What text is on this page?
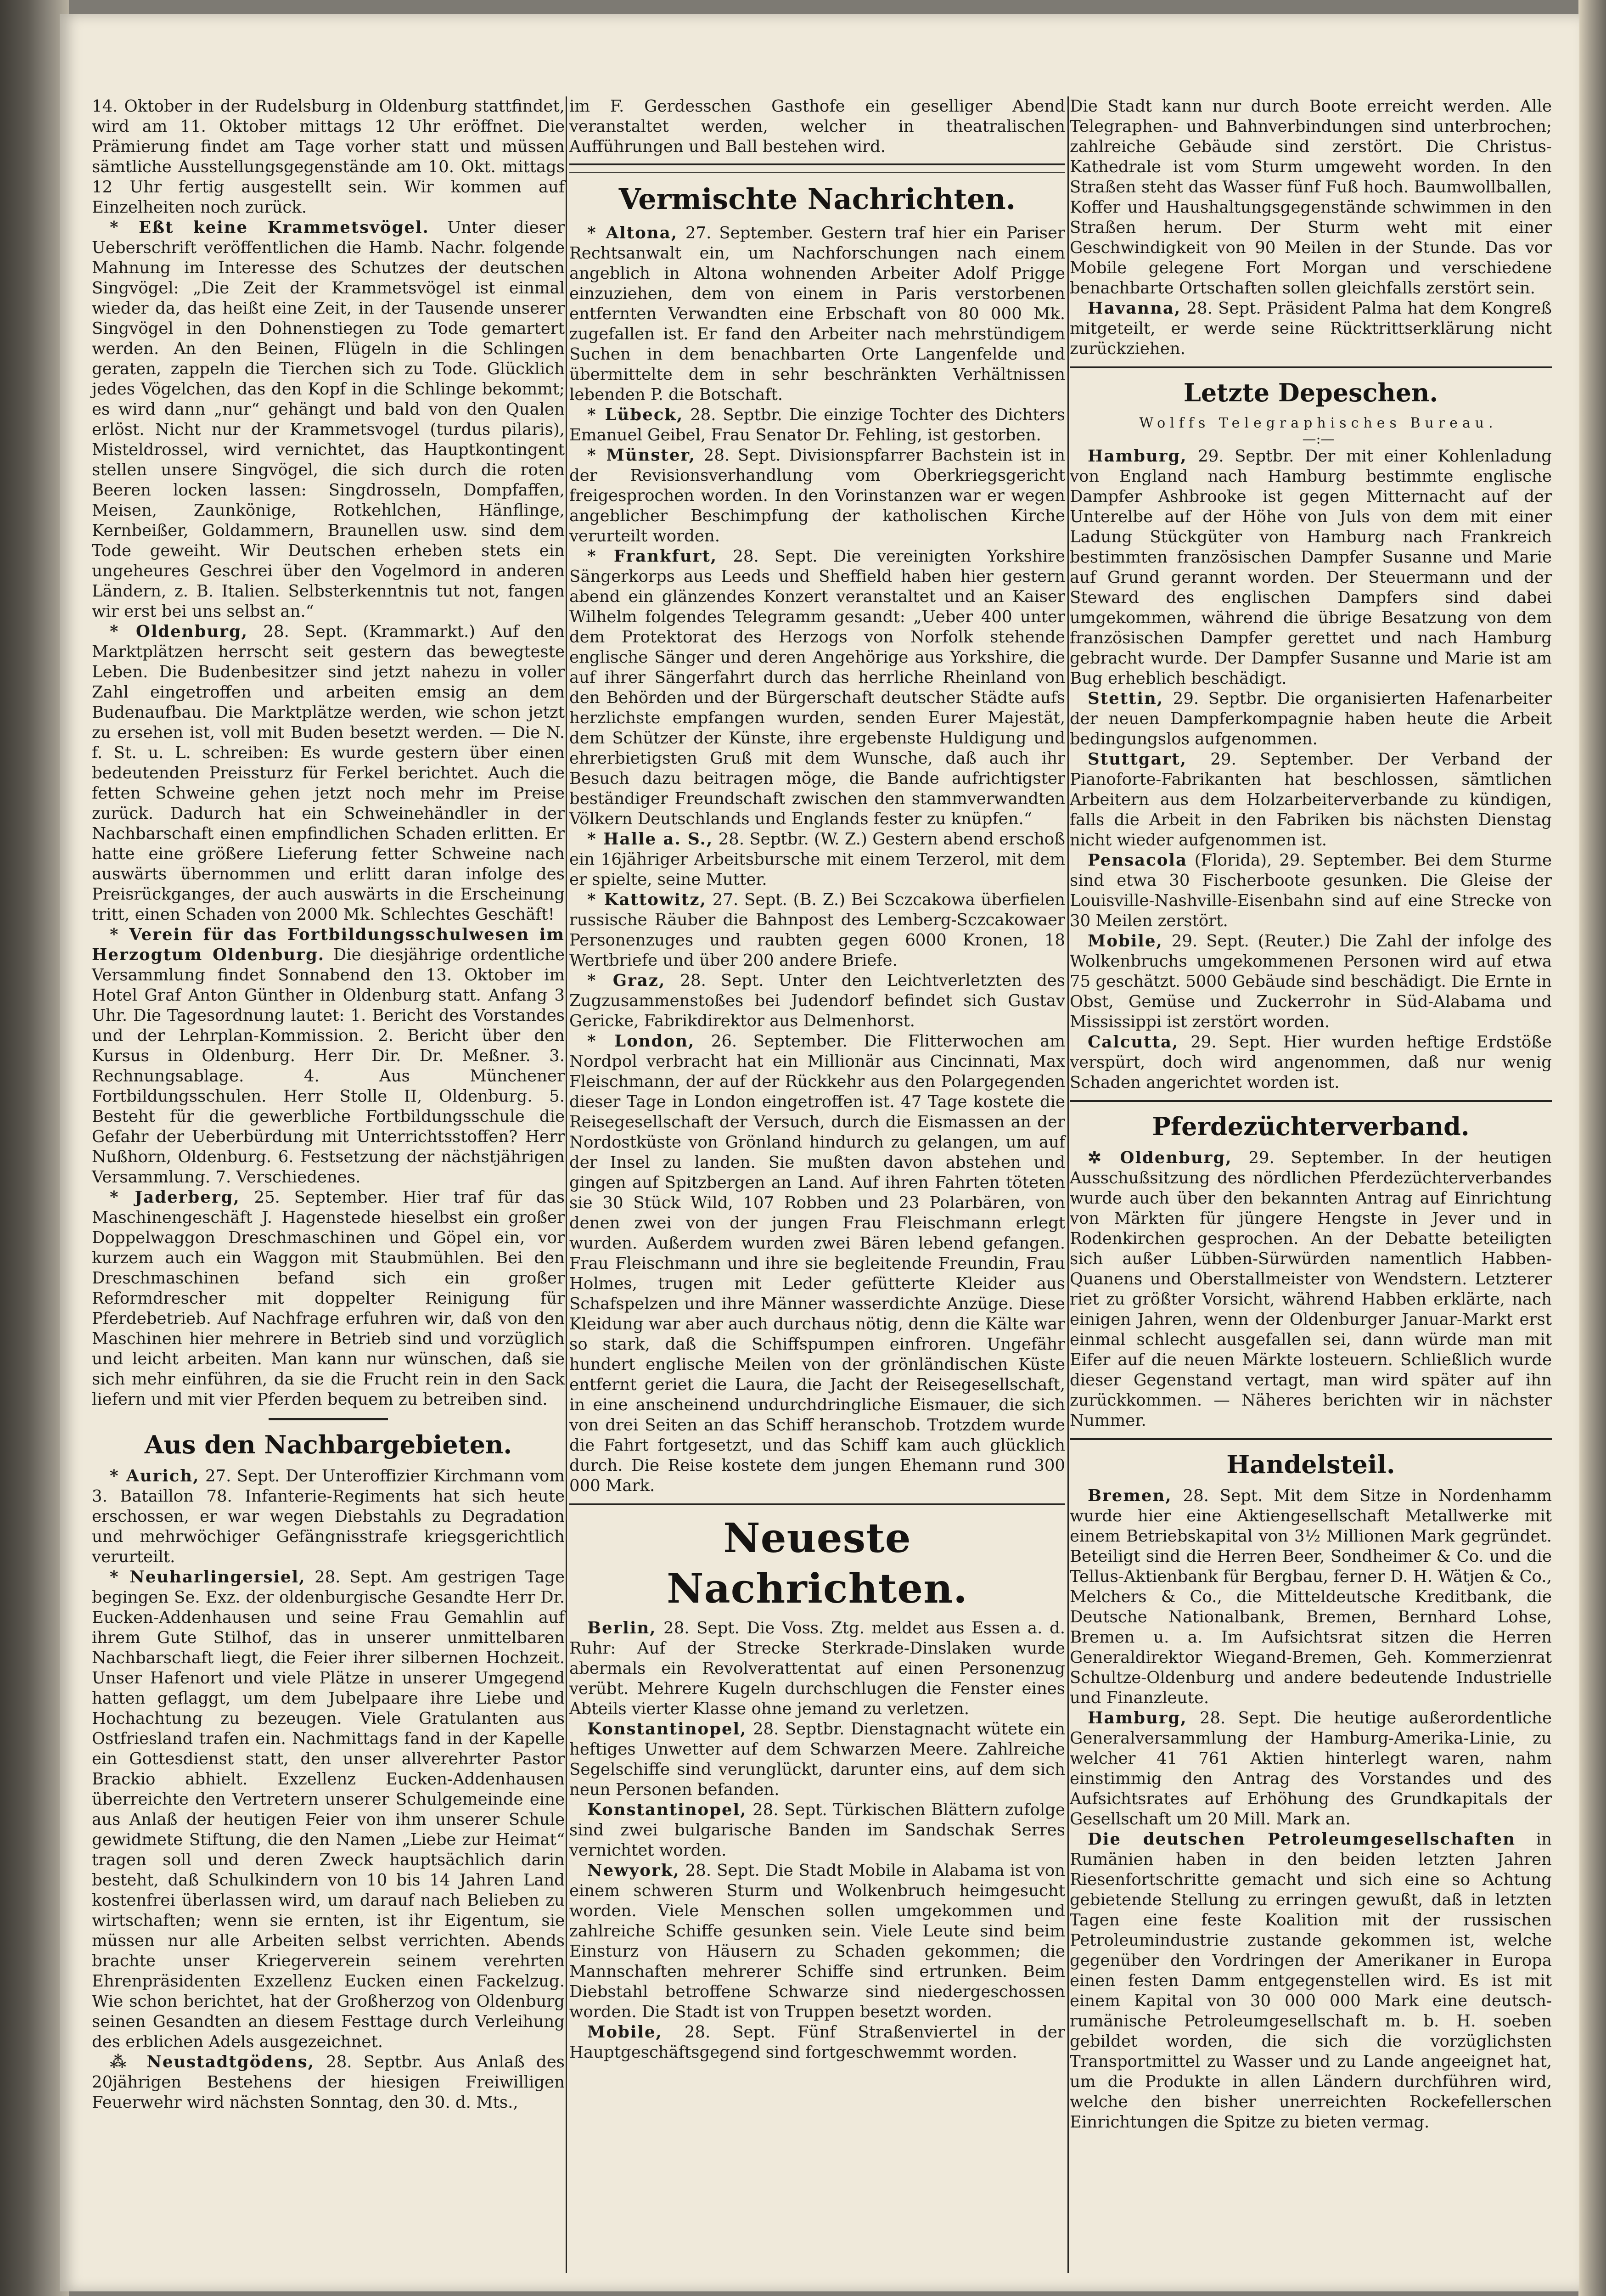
14. Oktober in der Rudelsburg in Oldenburg stattfindet, wird am 11. Oktober mittags 12 Uhr eröffnet. Die Prämierung findet am Tage vorher statt und müssen sämtliche Ausstellungsgegenstände am 10. Okt. mittags 12 Uhr fertig ausgestellt sein. Wir kommen auf Einzelheiten noch zurück.

* Eßt keine Krammetsvögel. Unter dieser Ueberschrift veröffentlichen die Hamb. Nachr. folgende Mahnung im Interesse des Schutzes der deutschen Singvögel: „Die Zeit der Krammetsvögel ist einmal wieder da, das heißt eine Zeit, in der Tausende unserer Singvögel in den Dohnenstiegen zu Tode gemartert werden. An den Beinen, Flügeln in die Schlingen geraten, zappeln die Tierchen sich zu Tode. Glücklich jedes Vögelchen, das den Kopf in die Schlinge bekommt; es wird dann „nur“ gehängt und bald von den Qualen erlöst. Nicht nur der Krammetsvogel (turdus pilaris), Misteldrossel, wird vernichtet, das Hauptkontingent stellen unsere Singvögel, die sich durch die roten Beeren locken lassen: Singdrosseln, Dompfaffen, Meisen, Zaunkönige, Rotkehlchen, Hänflinge, Kernbeißer, Goldammern, Braunellen usw. sind dem Tode geweiht. Wir Deutschen erheben stets ein ungeheures Geschrei über den Vogelmord in anderen Ländern, z. B. Italien. Selbsterkenntnis tut not, fangen wir erst bei uns selbst an.“

* Oldenburg, 28. Sept. (Krammarkt.) Auf den Marktplätzen herrscht seit gestern das bewegteste Leben. Die Budenbesitzer sind jetzt nahezu in voller Zahl eingetroffen und arbeiten emsig an dem Budenaufbau. Die Marktplätze werden, wie schon jetzt zu ersehen ist, voll mit Buden besetzt werden. — Die N. f. St. u. L. schreiben: Es wurde gestern über einen bedeutenden Preissturz für Ferkel berichtet. Auch die fetten Schweine gehen jetzt noch mehr im Preise zurück. Dadurch hat ein Schweinehändler in der Nachbarschaft einen empfindlichen Schaden erlitten. Er hatte eine größere Lieferung fetter Schweine nach auswärts übernommen und erlitt daran infolge des Preisrückganges, der auch auswärts in die Erscheinung tritt, einen Schaden von 2000 Mk. Schlechtes Geschäft!

* Verein für das Fortbildungsschulwesen im Herzogtum Oldenburg. Die diesjährige ordentliche Versammlung findet Sonnabend den 13. Oktober im Hotel Graf Anton Günther in Oldenburg statt. Anfang 3 Uhr. Die Tagesordnung lautet: 1. Bericht des Vorstandes und der Lehrplan-Kommission. 2. Bericht über den Kursus in Oldenburg. Herr Dir. Dr. Meßner. 3. Rechnungsablage. 4. Aus Münchener Fortbildungsschulen. Herr Stolle II, Oldenburg. 5. Besteht für die gewerbliche Fortbildungsschule die Gefahr der Ueberbürdung mit Unterrichtsstoffen? Herr Nußhorn, Oldenburg. 6. Festsetzung der nächstjährigen Versammlung. 7. Verschiedenes.

* Jaderberg, 25. September. Hier traf für das Maschinengeschäft J. Hagenstede hieselbst ein großer Doppelwaggon Dreschmaschinen und Göpel ein, vor kurzem auch ein Waggon mit Staubmühlen. Bei den Dreschmaschinen befand sich ein großer Reformdrescher mit doppelter Reinigung für Pferdebetrieb. Auf Nachfrage erfuhren wir, daß von den Maschinen hier mehrere in Betrieb sind und vorzüglich und leicht arbeiten. Man kann nur wünschen, daß sie sich mehr einführen, da sie die Frucht rein in den Sack liefern und mit vier Pferden bequem zu betreiben sind.

Aus den Nachbargebieten.

* Aurich, 27. Sept. Der Unteroffizier Kirchmann vom 3. Bataillon 78. Infanterie-Regiments hat sich heute erschossen, er war wegen Diebstahls zu Degradation und mehrwöchiger Gefängnisstrafe kriegsgerichtlich verurteilt.

* Neuharlingersiel, 28. Sept. Am gestrigen Tage begingen Se. Exz. der oldenburgische Gesandte Herr Dr. Eucken-Addenhausen und seine Frau Gemahlin auf ihrem Gute Stilhof, das in unserer unmittelbaren Nachbarschaft liegt, die Feier ihrer silbernen Hochzeit. Unser Hafenort und viele Plätze in unserer Umgegend hatten geflaggt, um dem Jubelpaare ihre Liebe und Hochachtung zu bezeugen. Viele Gratulanten aus Ostfriesland trafen ein. Nachmittags fand in der Kapelle ein Gottesdienst statt, den unser allverehrter Pastor Brackio abhielt. Exzellenz Eucken-Addenhausen überreichte den Vertretern unserer Schulgemeinde eine aus Anlaß der heutigen Feier von ihm unserer Schule gewidmete Stiftung, die den Namen „Liebe zur Heimat“ tragen soll und deren Zweck hauptsächlich darin besteht, daß Schulkindern von 10 bis 14 Jahren Land kostenfrei überlassen wird, um darauf nach Belieben zu wirtschaften; wenn sie ernten, ist ihr Eigentum, sie müssen nur alle Arbeiten selbst verrichten. Abends brachte unser Kriegerverein seinem verehrten Ehrenpräsidenten Exzellenz Eucken einen Fackelzug. Wie schon berichtet, hat der Großherzog von Oldenburg seinen Gesandten an diesem Festtage durch Verleihung des erblichen Adels ausgezeichnet.

⁂ Neustadtgödens, 28. Septbr. Aus Anlaß des 20jährigen Bestehens der hiesigen Freiwilligen Feuerwehr wird nächsten Sonntag, den 30. d. Mts.,

im F. Gerdesschen Gasthofe ein geselliger Abend veranstaltet werden, welcher in theatralischen Aufführungen und Ball bestehen wird.

Vermischte Nachrichten.

* Altona, 27. September. Gestern traf hier ein Pariser Rechtsanwalt ein, um Nachforschungen nach einem angeblich in Altona wohnenden Arbeiter Adolf Prigge einzuziehen, dem von einem in Paris verstorbenen entfernten Verwandten eine Erbschaft von 80 000 Mk. zugefallen ist. Er fand den Arbeiter nach mehrstündigem Suchen in dem benachbarten Orte Langenfelde und übermittelte dem in sehr beschränkten Verhältnissen lebenden P. die Botschaft.

* Lübeck, 28. Septbr. Die einzige Tochter des Dichters Emanuel Geibel, Frau Senator Dr. Fehling, ist gestorben.

* Münster, 28. Sept. Divisionspfarrer Bachstein ist in der Revisionsverhandlung vom Oberkriegsgericht freigesprochen worden. In den Vorinstanzen war er wegen angeblicher Beschimpfung der katholischen Kirche verurteilt worden.

* Frankfurt, 28. Sept. Die vereinigten Yorkshire Sängerkorps aus Leeds und Sheffield haben hier gestern abend ein glänzendes Konzert veranstaltet und an Kaiser Wilhelm folgendes Telegramm gesandt: „Ueber 400 unter dem Protektorat des Herzogs von Norfolk stehende englische Sänger und deren Angehörige aus Yorkshire, die auf ihrer Sängerfahrt durch das herrliche Rheinland von den Behörden und der Bürgerschaft deutscher Städte aufs herzlichste empfangen wurden, senden Eurer Majestät, dem Schützer der Künste, ihre ergebenste Huldigung und ehrerbietigsten Gruß mit dem Wunsche, daß auch ihr Besuch dazu beitragen möge, die Bande aufrichtigster beständiger Freundschaft zwischen den stammverwandten Völkern Deutschlands und Englands fester zu knüpfen.“

* Halle a. S., 28. Septbr. (W. Z.) Gestern abend erschoß ein 16jähriger Arbeitsbursche mit einem Terzerol, mit dem er spielte, seine Mutter.

* Kattowitz, 27. Sept. (B. Z.) Bei Sczcakowa überfielen russische Räuber die Bahnpost des Lemberg-Sczcakowaer Personenzuges und raubten gegen 6000 Kronen, 18 Wertbriefe und über 200 andere Briefe.

* Graz, 28. Sept. Unter den Leichtverletzten des Zugzusammenstoßes bei Judendorf befindet sich Gustav Gericke, Fabrikdirektor aus Delmenhorst.

* London, 26. September. Die Flitterwochen am Nordpol verbracht hat ein Millionär aus Cincinnati, Max Fleischmann, der auf der Rückkehr aus den Polargegenden dieser Tage in London eingetroffen ist. 47 Tage kostete die Reisegesellschaft der Versuch, durch die Eismassen an der Nordostküste von Grönland hindurch zu gelangen, um auf der Insel zu landen. Sie mußten davon abstehen und gingen auf Spitzbergen an Land. Auf ihren Fahrten töteten sie 30 Stück Wild, 107 Robben und 23 Polarbären, von denen zwei von der jungen Frau Fleischmann erlegt wurden. Außerdem wurden zwei Bären lebend gefangen. Frau Fleischmann und ihre sie begleitende Freundin, Frau Holmes, trugen mit Leder gefütterte Kleider aus Schafspelzen und ihre Männer wasserdichte Anzüge. Diese Kleidung war aber auch durchaus nötig, denn die Kälte war so stark, daß die Schiffspumpen einfroren. Ungefähr hundert englische Meilen von der grönländischen Küste entfernt geriet die Laura, die Jacht der Reisegesellschaft, in eine anscheinend undurchdringliche Eismauer, die sich von drei Seiten an das Schiff heranschob. Trotzdem wurde die Fahrt fortgesetzt, und das Schiff kam auch glücklich durch. Die Reise kostete dem jungen Ehemann rund 300 000 Mark.

Neueste Nachrichten.

Berlin, 28. Sept. Die Voss. Ztg. meldet aus Essen a. d. Ruhr: Auf der Strecke Sterkrade-Dinslaken wurde abermals ein Revolverattentat auf einen Personenzug verübt. Mehrere Kugeln durchschlugen die Fenster eines Abteils vierter Klasse ohne jemand zu verletzen.

Konstantinopel, 28. Septbr. Dienstagnacht wütete ein heftiges Unwetter auf dem Schwarzen Meere. Zahlreiche Segelschiffe sind verunglückt, darunter eins, auf dem sich neun Personen befanden.

Konstantinopel, 28. Sept. Türkischen Blättern zufolge sind zwei bulgarische Banden im Sandschak Serres vernichtet worden.

Newyork, 28. Sept. Die Stadt Mobile in Alabama ist von einem schweren Sturm und Wolkenbruch heimgesucht worden. Viele Menschen sollen umgekommen und zahlreiche Schiffe gesunken sein. Viele Leute sind beim Einsturz von Häusern zu Schaden gekommen; die Mannschaften mehrerer Schiffe sind ertrunken. Beim Diebstahl betroffene Schwarze sind niedergeschossen worden. Die Stadt ist von Truppen besetzt worden.

Mobile, 28. Sept. Fünf Straßenviertel in der Hauptgeschäftsgegend sind fortgeschwemmt worden.

Die Stadt kann nur durch Boote erreicht werden. Alle Telegraphen- und Bahnverbindungen sind unterbrochen; zahlreiche Gebäude sind zerstört. Die Christus-Kathedrale ist vom Sturm umgeweht worden. In den Straßen steht das Wasser fünf Fuß hoch. Baumwollballen, Koffer und Haushaltungsgegenstände schwimmen in den Straßen herum. Der Sturm weht mit einer Geschwindigkeit von 90 Meilen in der Stunde. Das vor Mobile gelegene Fort Morgan und verschiedene benachbarte Ortschaften sollen gleichfalls zerstört sein.

Havanna, 28. Sept. Präsident Palma hat dem Kongreß mitgeteilt, er werde seine Rücktrittserklärung nicht zurückziehen.

Letzte Depeschen.

Wolffs Telegraphisches Bureau.

—:—

Hamburg, 29. Septbr. Der mit einer Kohlenladung von England nach Hamburg bestimmte englische Dampfer Ashbrooke ist gegen Mitternacht auf der Unterelbe auf der Höhe von Juls von dem mit einer Ladung Stückgüter von Hamburg nach Frankreich bestimmten französischen Dampfer Susanne und Marie auf Grund gerannt worden. Der Steuermann und der Steward des englischen Dampfers sind dabei umgekommen, während die übrige Besatzung von dem französischen Dampfer gerettet und nach Hamburg gebracht wurde. Der Dampfer Susanne und Marie ist am Bug erheblich beschädigt.

Stettin, 29. Septbr. Die organisierten Hafenarbeiter der neuen Dampferkompagnie haben heute die Arbeit bedingungslos aufgenommen.

Stuttgart, 29. September. Der Verband der Pianoforte-Fabrikanten hat beschlossen, sämtlichen Arbeitern aus dem Holzarbeiterverbande zu kündigen, falls die Arbeit in den Fabriken bis nächsten Dienstag nicht wieder aufgenommen ist.

Pensacola (Florida), 29. September. Bei dem Sturme sind etwa 30 Fischerboote gesunken. Die Gleise der Louisville-Nashville-Eisenbahn sind auf eine Strecke von 30 Meilen zerstört.

Mobile, 29. Sept. (Reuter.) Die Zahl der infolge des Wolkenbruchs umgekommenen Personen wird auf etwa 75 geschätzt. 5000 Gebäude sind beschädigt. Die Ernte in Obst, Gemüse und Zuckerrohr in Süd-Alabama und Mississippi ist zerstört worden.

Calcutta, 29. Sept. Hier wurden heftige Erdstöße verspürt, doch wird angenommen, daß nur wenig Schaden angerichtet worden ist.

Pferdezüchterverband.

✲ Oldenburg, 29. September. In der heutigen Ausschußsitzung des nördlichen Pferdezüchterverbandes wurde auch über den bekannten Antrag auf Einrichtung von Märkten für jüngere Hengste in Jever und in Rodenkirchen gesprochen. An der Debatte beteiligten sich außer Lübben-Sürwürden namentlich Habben-Quanens und Oberstallmeister von Wendstern. Letzterer riet zu größter Vorsicht, während Habben erklärte, nach einigen Jahren, wenn der Oldenburger Januar-Markt erst einmal schlecht ausgefallen sei, dann würde man mit Eifer auf die neuen Märkte losteuern. Schließlich wurde dieser Gegenstand vertagt, man wird später auf ihn zurückkommen. — Näheres berichten wir in nächster Nummer.

Handelsteil.

Bremen, 28. Sept. Mit dem Sitze in Nordenhamm wurde hier eine Aktiengesellschaft Metallwerke mit einem Betriebskapital von 3½ Millionen Mark gegründet. Beteiligt sind die Herren Beer, Sondheimer & Co. und die Tellus-Aktienbank für Bergbau, ferner D. H. Wätjen & Co., Melchers & Co., die Mitteldeutsche Kreditbank, die Deutsche Nationalbank, Bremen, Bernhard Lohse, Bremen u. a. Im Aufsichtsrat sitzen die Herren Generaldirektor Wiegand-Bremen, Geh. Kommerzienrat Schultze-Oldenburg und andere bedeutende Industrielle und Finanzleute.

Hamburg, 28. Sept. Die heutige außerordentliche Generalversammlung der Hamburg-Amerika-Linie, zu welcher 41 761 Aktien hinterlegt waren, nahm einstimmig den Antrag des Vorstandes und des Aufsichtsrates auf Erhöhung des Grundkapitals der Gesellschaft um 20 Mill. Mark an.

Die deutschen Petroleumgesellschaften in Rumänien haben in den beiden letzten Jahren Riesenfortschritte gemacht und sich eine so Achtung gebietende Stellung zu erringen gewußt, daß in letzten Tagen eine feste Koalition mit der russischen Petroleumindustrie zustande gekommen ist, welche gegenüber den Vordringen der Amerikaner in Europa einen festen Damm entgegenstellen wird. Es ist mit einem Kapital von 30 000 000 Mark eine deutsch-rumänische Petroleumgesellschaft m. b. H. soeben gebildet worden, die sich die vorzüglichsten Transportmittel zu Wasser und zu Lande angeeignet hat, um die Produkte in allen Ländern durchführen wird, welche den bisher unerreichten Rockefellerschen Einrichtungen die Spitze zu bieten vermag.
